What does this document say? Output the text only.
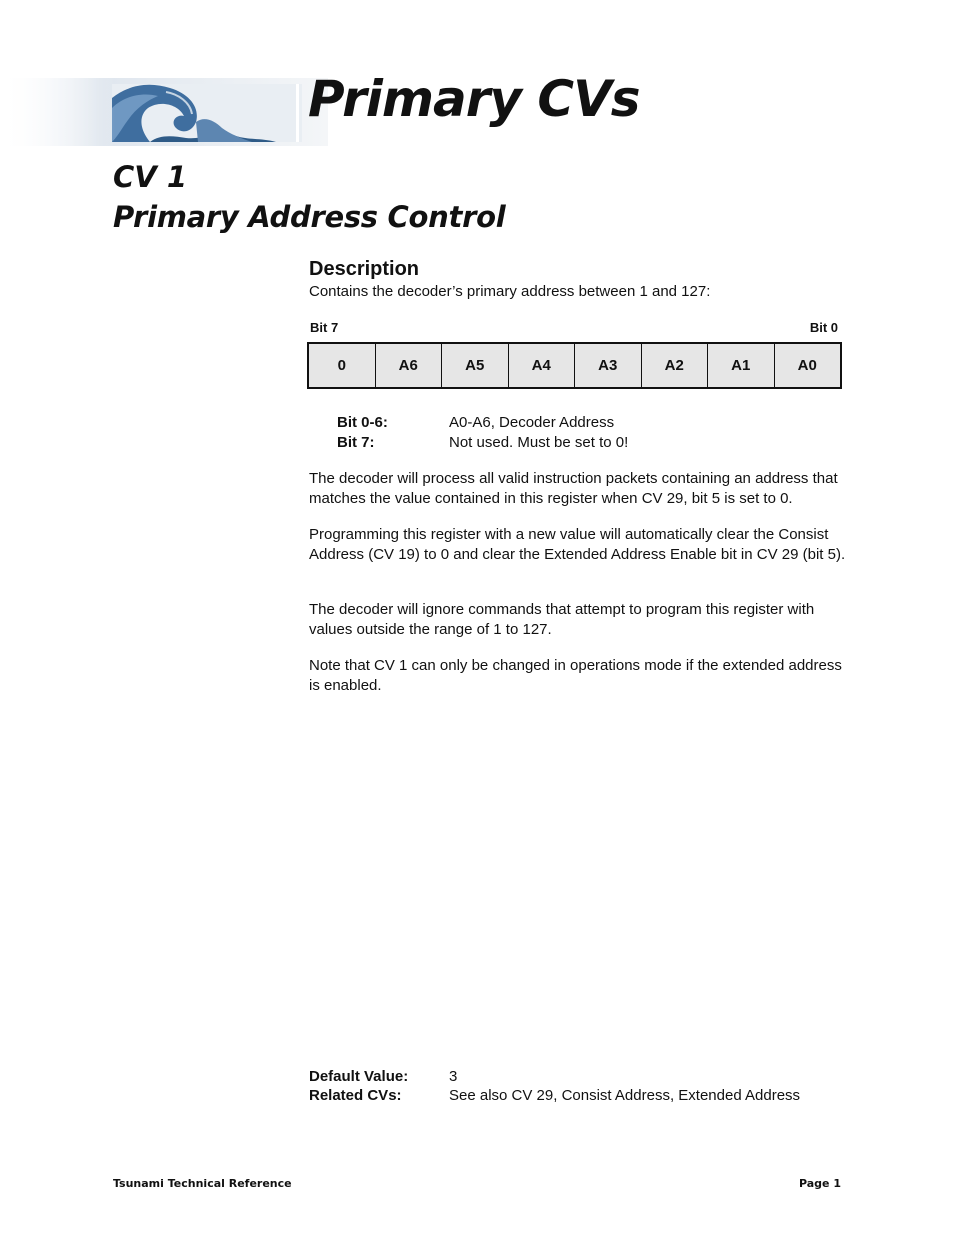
Primary CVs
CV 1
Primary Address Control
Description

Contains the decoder’s primary address between 1 and 127:

Bit 7	Bit 0
0	A6	A5	A4	A3	A2	A1	A0
Bit 0-6:	A0-A6, Decoder Address
Bit 7:	Not used. Must be set to 0!

The decoder will process all valid instruction packets containing an address that matches the value contained in this register when CV 29, bit 5 is set to 0.

Programming this register with a new value will automatically clear the Consist Address (CV 19) to 0 and clear the Extended Address Enable bit in CV 29 (bit 5).

The decoder will ignore commands that attempt to program this register with values outside the range of 1 to 127.

Note that CV 1 can only be changed in operations mode if the extended address is enabled.

Default Value:	3
Related CVs:	See also CV 29, Consist Address, Extended Address
Tsunami Technical Reference	Page 1
